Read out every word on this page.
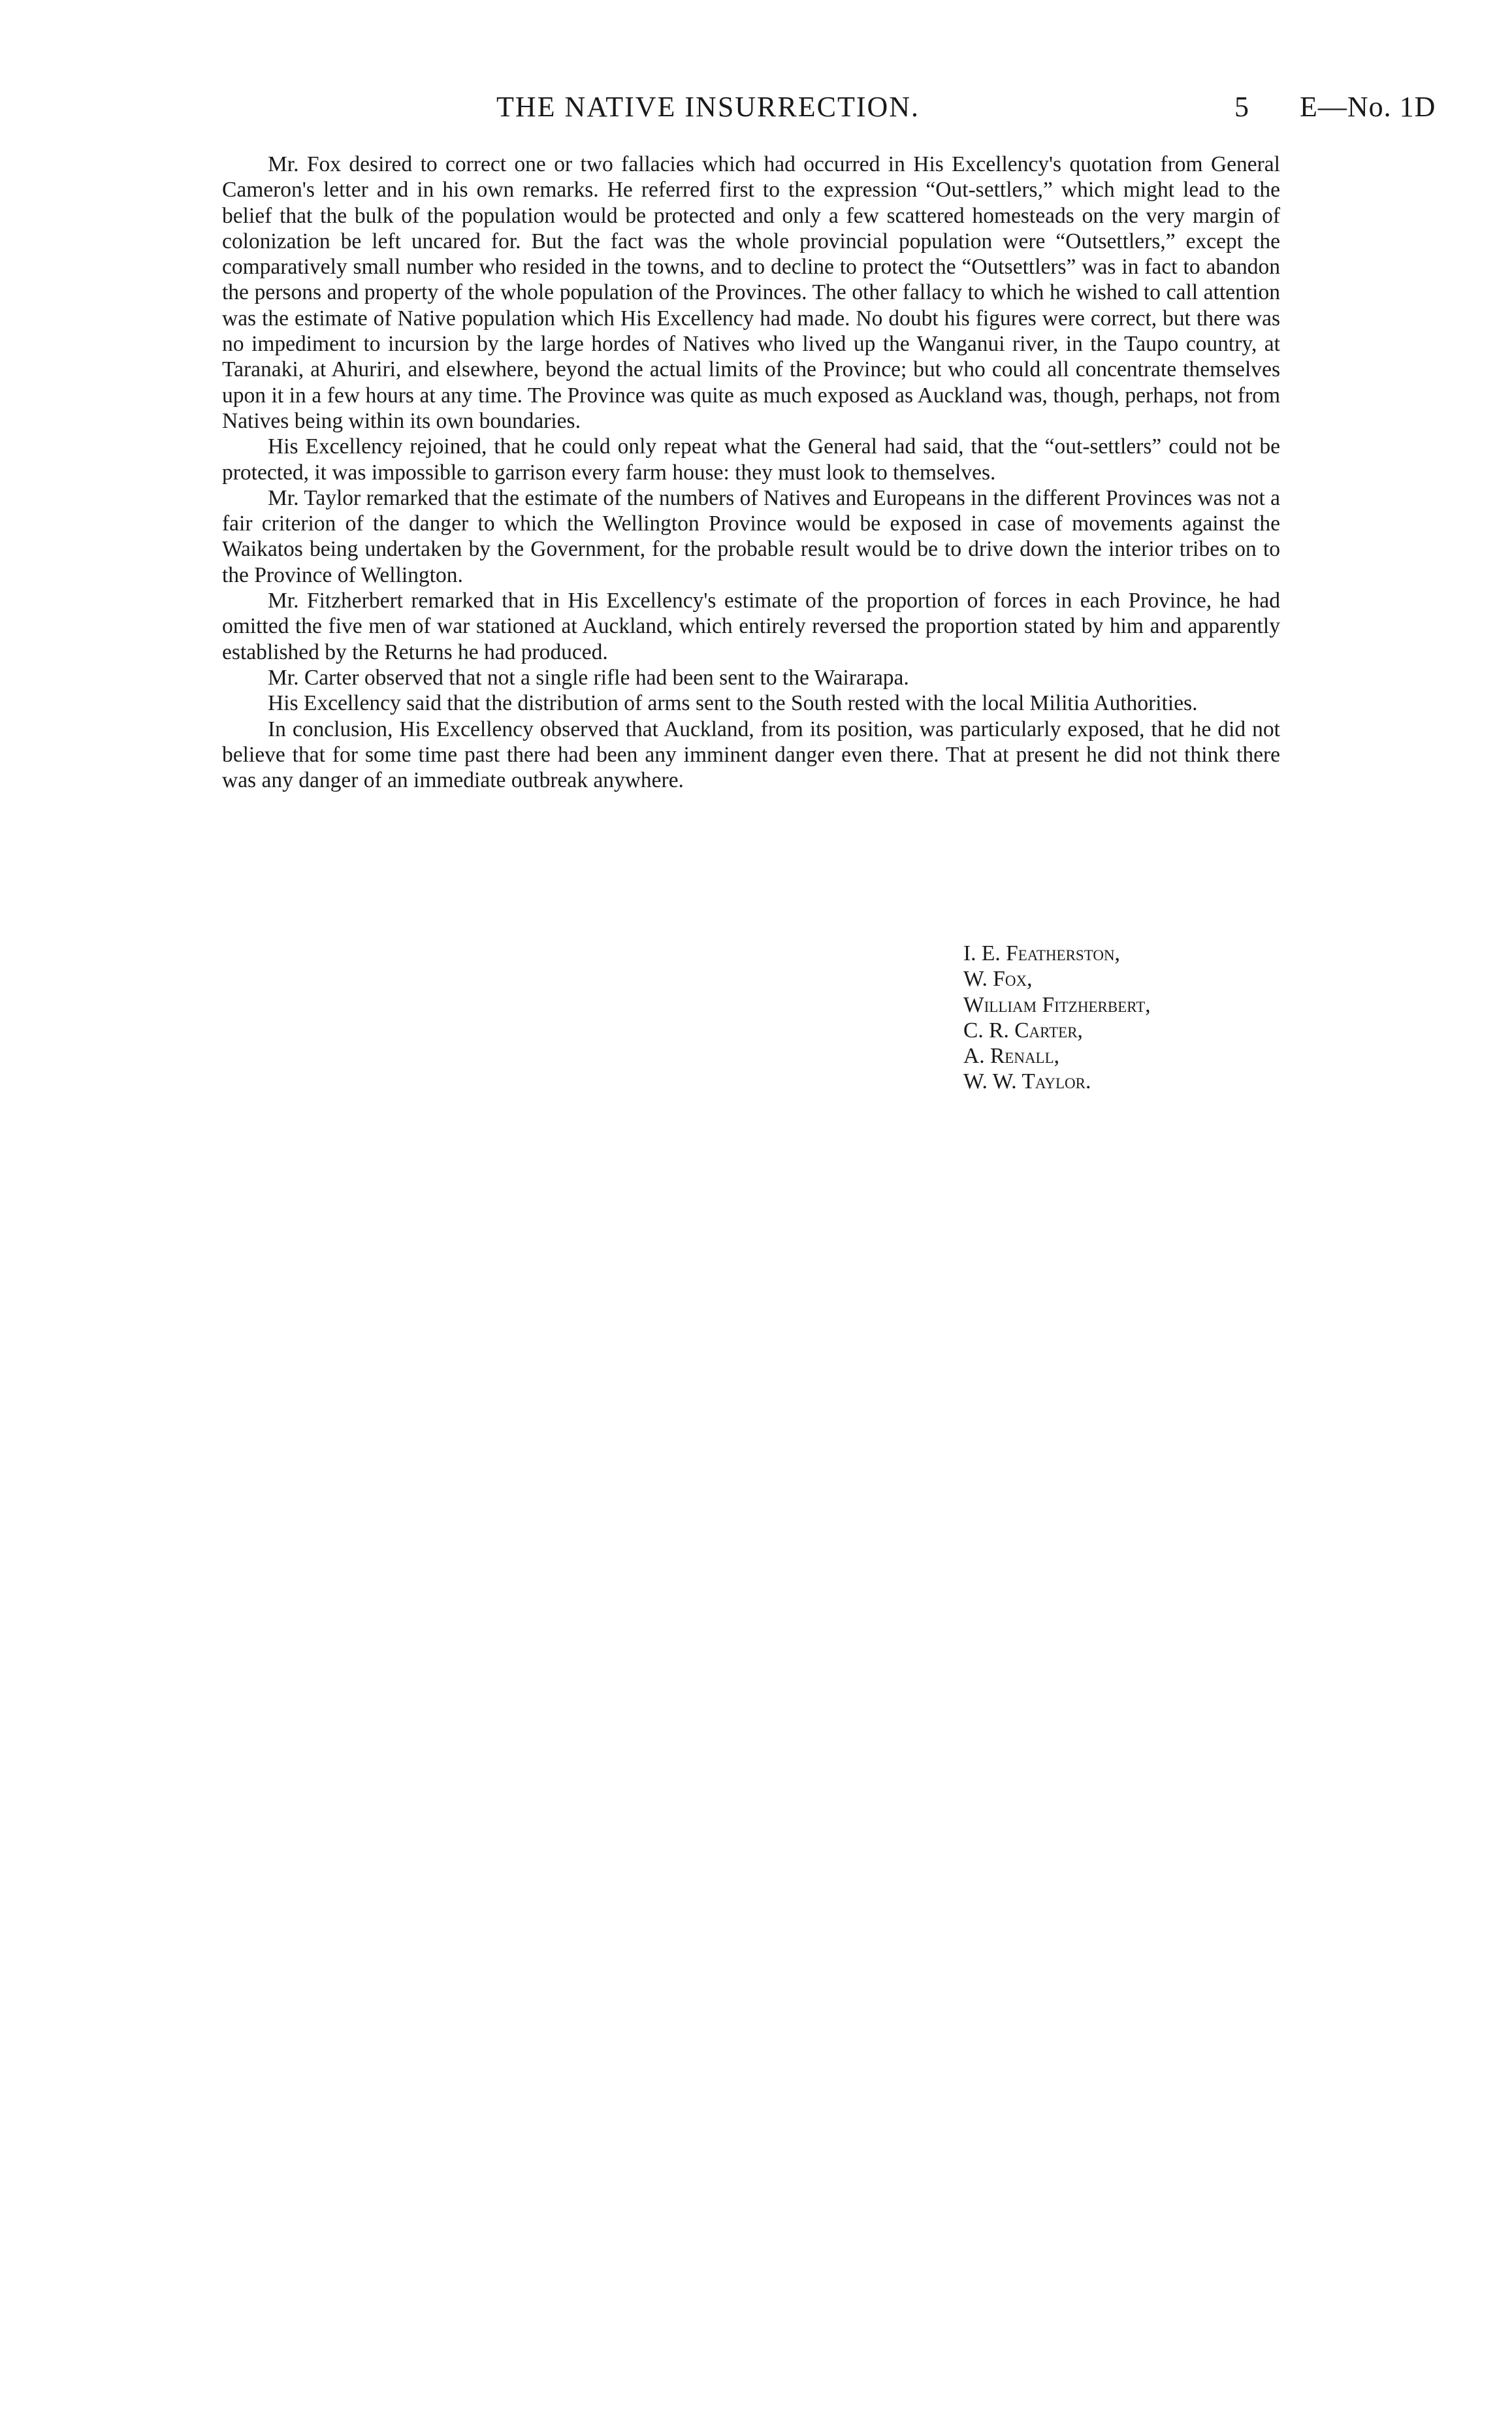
THE NATIVE INSURRECTION.	5 E—No. 1D

Mr. Fox desired to correct one or two fallacies which had occurred in His Excellency's quotation from General Cameron's letter and in his own remarks. He referred first to the expression “Out-settlers,” which might lead to the belief that the bulk of the population would be protected and only a few scattered homesteads on the very margin of colonization be left uncared for. But the fact was the whole provincial population were “Outsettlers,” except the comparatively small number who resided in the towns, and to decline to protect the “Outsettlers” was in fact to abandon the persons and property of the whole population of the Provinces. The other fallacy to which he wished to call attention was the estimate of Native population which His Excellency had made. No doubt his figures were correct, but there was no impediment to incursion by the large hordes of Natives who lived up the Wanganui river, in the Taupo country, at Taranaki, at Ahuriri, and elsewhere, beyond the actual limits of the Province; but who could all concentrate themselves upon it in a few hours at any time. The Province was quite as much exposed as Auckland was, though, perhaps, not from Natives being within its own boundaries.

His Excellency rejoined, that he could only repeat what the General had said, that the “out-settlers” could not be protected, it was impossible to garrison every farm house: they must look to themselves.

Mr. Taylor remarked that the estimate of the numbers of Natives and Europeans in the different Provinces was not a fair criterion of the danger to which the Wellington Province would be exposed in case of movements against the Waikatos being undertaken by the Government, for the probable result would be to drive down the interior tribes on to the Province of Wellington.

Mr. Fitzherbert remarked that in His Excellency's estimate of the proportion of forces in each Province, he had omitted the five men of war stationed at Auckland, which entirely reversed the proportion stated by him and apparently established by the Returns he had produced.

Mr. Carter observed that not a single rifle had been sent to the Wairarapa.

His Excellency said that the distribution of arms sent to the South rested with the local Militia Authorities.

In conclusion, His Excellency observed that Auckland, from its position, was particularly exposed, that he did not believe that for some time past there had been any imminent danger even there. That at present he did not think there was any danger of an immediate outbreak anywhere.

I. E. Featherston,
W. Fox,
William Fitzherbert,
C. R. Carter,
A. Renall,
W. W. Taylor.
